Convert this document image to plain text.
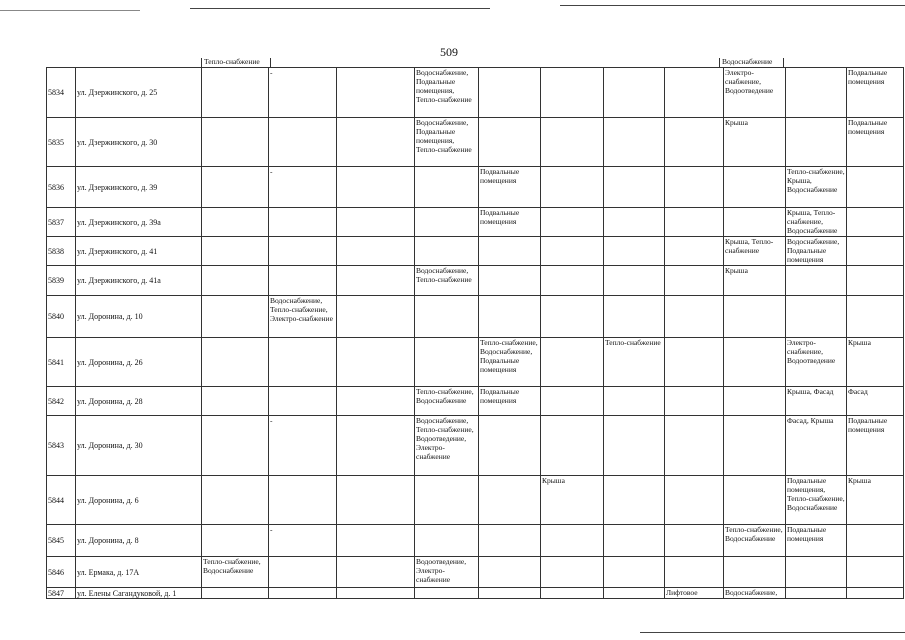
509
Тепло-снабжение	Водоснабжение
5834	ул. Дзержинского, д. 25		-		Водоснабжение, Подвальные помещения, Тепло-снабжение					Электро-снабжение, Водоотведение		Подвальные помещения
5835	ул. Дзержинского, д. 30				Водоснабжение, Подвальные помещения, Тепло-снабжение					Крыша		Подвальные помещения
5836	ул. Дзержинского, д. 39		-			Подвальные помещения					Тепло-снабжение, Крыша, Водоснабжение	
5837	ул. Дзержинского, д. 39а					Подвальные помещения					Крыша, Тепло-снабжение, Водоснабжение	
5838	ул. Дзержинского, д. 41									Крыша, Тепло-снабжение	Водоснабжение, Подвальные помещения	
5839	ул. Дзержинского, д. 41а				Водоснабжение, Тепло-снабжение					Крыша		
5840	ул. Доронина, д. 10		Водоснабжение, Тепло-снабжение, Электро-снабжение									
5841	ул. Доронина, д. 26					Тепло-снабжение, Водоснабжение, Подвальные помещения		Тепло-снабжение			Электро-снабжение, Водоотведение	Крыша
5842	ул. Доронина, д. 28				Тепло-снабжение, Водоснабжение	Подвальные помещения					Крыша, Фасад	Фасад
5843	ул. Доронина, д. 30		-		Водоснабжение, Тепло-снабжение, Водоотведение, Электро-снабжение						Фасад, Крыша	Подвальные помещения
5844	ул. Доронина, д. 6						Крыша				Подвальные помещения, Тепло-снабжение, Водоснабжение	Крыша
5845	ул. Доронина, д. 8		-							Тепло-снабжение, Водоснабжение	Подвальные помещения	
5846	ул. Ермака, д. 17А	Тепло-снабжение, Водоснабжение			Водоотведение, Электро-снабжение							
5847	ул. Елены Сагандуковой, д. 1								Лифтовое	Водоснабжение,		
